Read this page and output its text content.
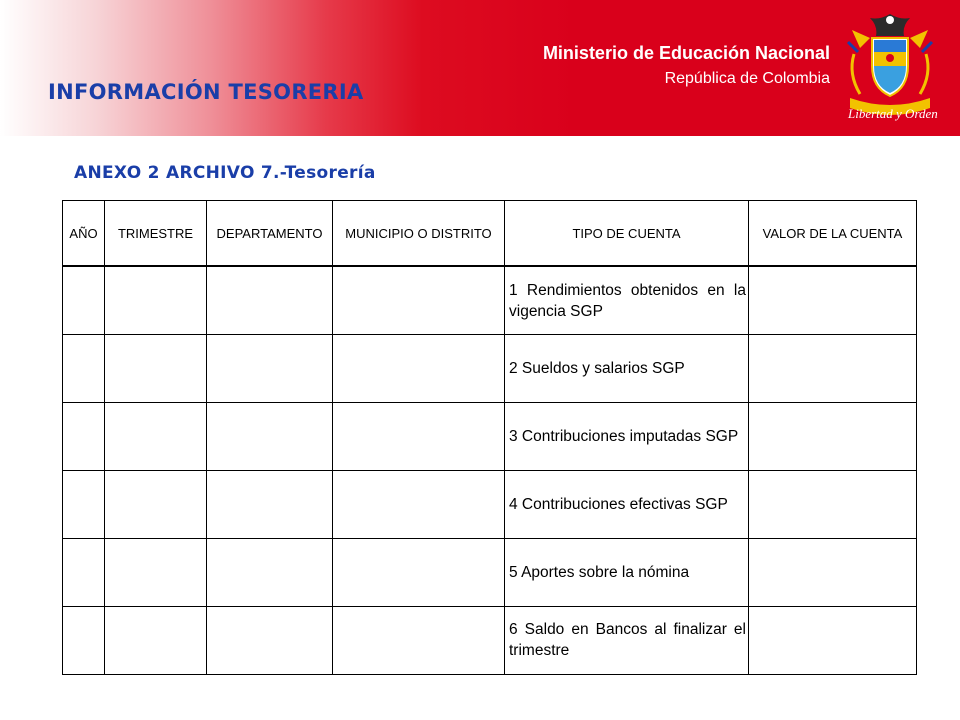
Ministerio de Educación Nacional
República de Colombia
Libertad y Orden
INFORMACIÓN TESORERIA
ANEXO 2 ARCHIVO 7.-Tesorería
AÑO	TRIMESTRE	DEPARTAMENTO	MUNICIPIO O DISTRITO	TIPO DE CUENTA	VALOR DE LA CUENTA
				1 Rendimientos obtenidos en la vigencia SGP	
				2 Sueldos y salarios SGP	
				3 Contribuciones imputadas SGP	
				4 Contribuciones efectivas SGP	
				5 Aportes sobre la nómina	
				6 Saldo en Bancos al finalizar el trimestre	
